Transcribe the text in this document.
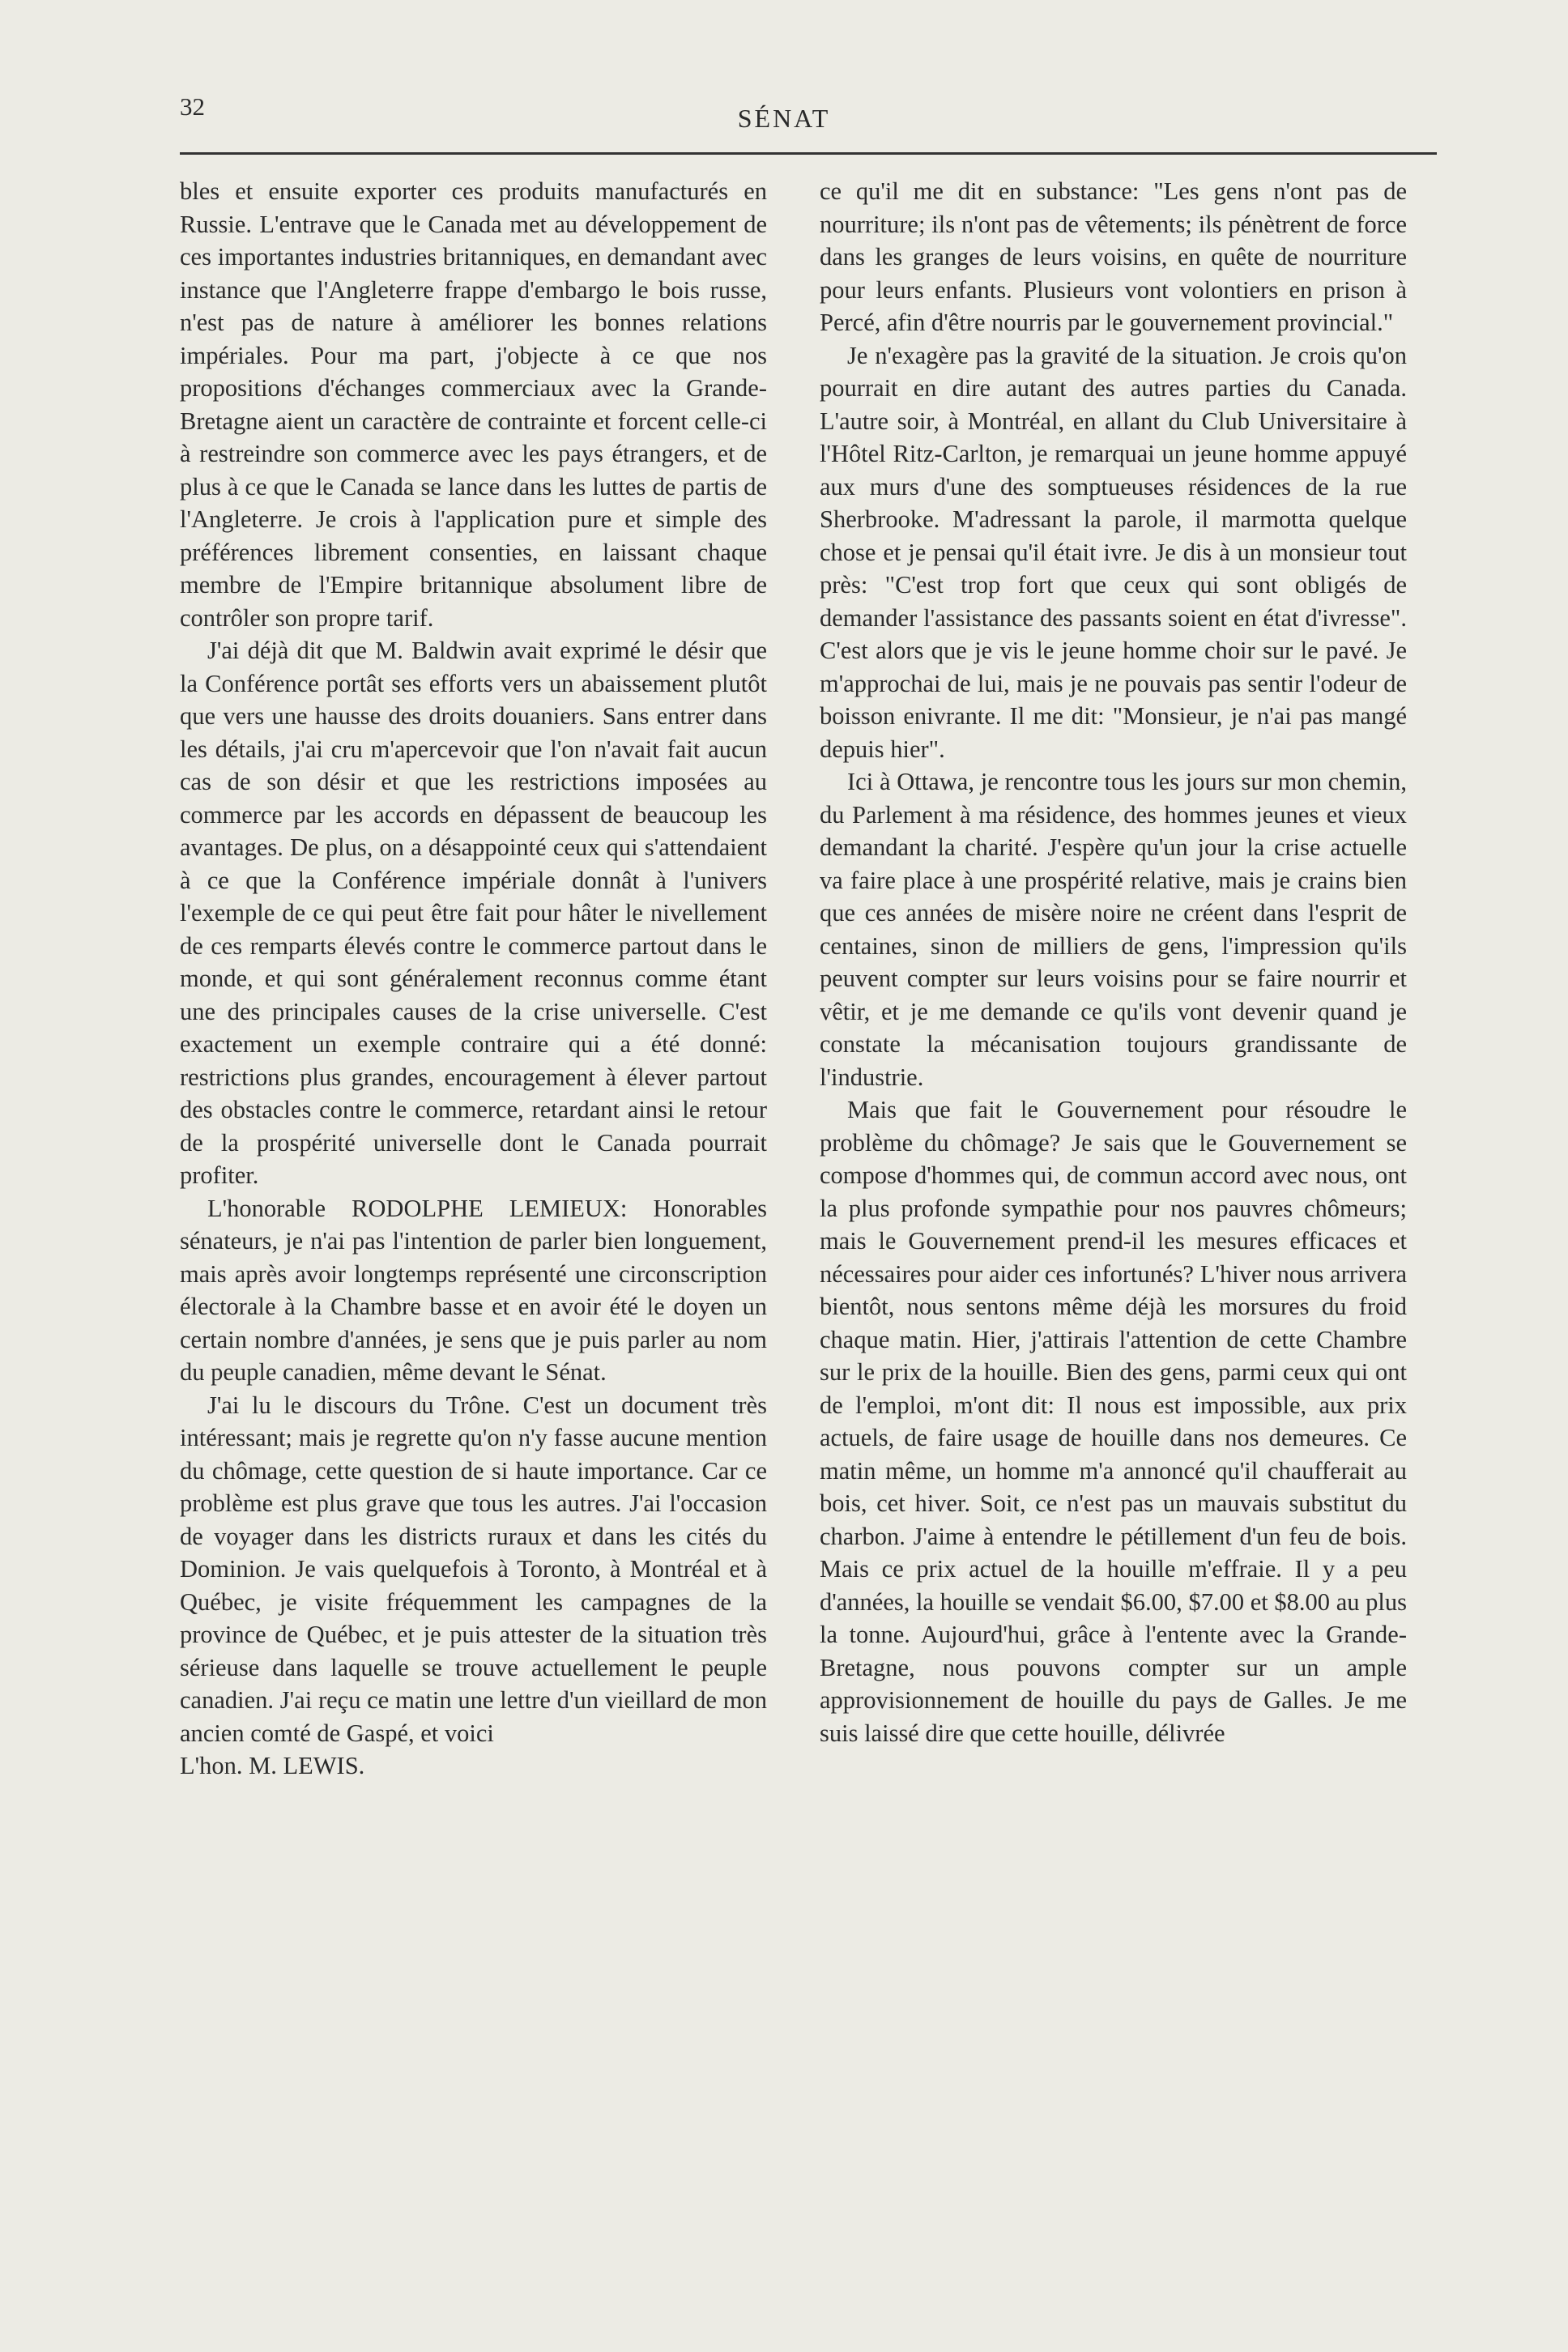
32	SÉNAT

bles et ensuite exporter ces produits manufacturés en Russie. L'entrave que le Canada met au développement de ces importantes industries britanniques, en demandant avec instance que l'Angleterre frappe d'embargo le bois russe, n'est pas de nature à améliorer les bonnes relations impériales. Pour ma part, j'objecte à ce que nos propositions d'échanges commerciaux avec la Grande-Bretagne aient un caractère de contrainte et forcent celle-ci à restreindre son commerce avec les pays étrangers, et de plus à ce que le Canada se lance dans les luttes de partis de l'Angleterre. Je crois à l'application pure et simple des préférences librement consenties, en laissant chaque membre de l'Empire britannique absolument libre de contrôler son propre tarif.

J'ai déjà dit que M. Baldwin avait exprimé le désir que la Conférence portât ses efforts vers un abaissement plutôt que vers une hausse des droits douaniers. Sans entrer dans les détails, j'ai cru m'apercevoir que l'on n'avait fait aucun cas de son désir et que les restrictions imposées au commerce par les accords en dépassent de beaucoup les avantages. De plus, on a désappointé ceux qui s'attendaient à ce que la Conférence impériale donnât à l'univers l'exemple de ce qui peut être fait pour hâter le nivellement de ces remparts élevés contre le commerce partout dans le monde, et qui sont généralement reconnus comme étant une des principales causes de la crise universelle. C'est exactement un exemple contraire qui a été donné: restrictions plus grandes, encouragement à élever partout des obstacles contre le commerce, retardant ainsi le retour de la prospérité universelle dont le Canada pourrait profiter.

L'honorable RODOLPHE LEMIEUX: Honorables sénateurs, je n'ai pas l'intention de parler bien longuement, mais après avoir longtemps représenté une circonscription électorale à la Chambre basse et en avoir été le doyen un certain nombre d'années, je sens que je puis parler au nom du peuple canadien, même devant le Sénat.

J'ai lu le discours du Trône. C'est un document très intéressant; mais je regrette qu'on n'y fasse aucune mention du chômage, cette question de si haute importance. Car ce problème est plus grave que tous les autres. J'ai l'occasion de voyager dans les districts ruraux et dans les cités du Dominion. Je vais quelquefois à Toronto, à Montréal et à Québec, je visite fréquemment les campagnes de la province de Québec, et je puis attester de la situation très sérieuse dans laquelle se trouve actuellement le peuple canadien. J'ai reçu ce matin une lettre d'un vieillard de mon ancien comté de Gaspé, et voici

L'hon. M. LEWIS.

ce qu'il me dit en substance: "Les gens n'ont pas de nourriture; ils n'ont pas de vêtements; ils pénètrent de force dans les granges de leurs voisins, en quête de nourriture pour leurs enfants. Plusieurs vont volontiers en prison à Percé, afin d'être nourris par le gouvernement provincial."

Je n'exagère pas la gravité de la situation. Je crois qu'on pourrait en dire autant des autres parties du Canada. L'autre soir, à Montréal, en allant du Club Universitaire à l'Hôtel Ritz-Carlton, je remarquai un jeune homme appuyé aux murs d'une des somptueuses résidences de la rue Sherbrooke. M'adressant la parole, il marmotta quelque chose et je pensai qu'il était ivre. Je dis à un monsieur tout près: "C'est trop fort que ceux qui sont obligés de demander l'assistance des passants soient en état d'ivresse". C'est alors que je vis le jeune homme choir sur le pavé. Je m'approchai de lui, mais je ne pouvais pas sentir l'odeur de boisson enivrante. Il me dit: "Monsieur, je n'ai pas mangé depuis hier".

Ici à Ottawa, je rencontre tous les jours sur mon chemin, du Parlement à ma résidence, des hommes jeunes et vieux demandant la charité. J'espère qu'un jour la crise actuelle va faire place à une prospérité relative, mais je crains bien que ces années de misère noire ne créent dans l'esprit de centaines, sinon de milliers de gens, l'impression qu'ils peuvent compter sur leurs voisins pour se faire nourrir et vêtir, et je me demande ce qu'ils vont devenir quand je constate la mécanisation toujours grandissante de l'industrie.

Mais que fait le Gouvernement pour résoudre le problème du chômage? Je sais que le Gouvernement se compose d'hommes qui, de commun accord avec nous, ont la plus profonde sympathie pour nos pauvres chômeurs; mais le Gouvernement prend-il les mesures efficaces et nécessaires pour aider ces infortunés? L'hiver nous arrivera bientôt, nous sentons même déjà les morsures du froid chaque matin. Hier, j'attirais l'attention de cette Chambre sur le prix de la houille. Bien des gens, parmi ceux qui ont de l'emploi, m'ont dit: Il nous est impossible, aux prix actuels, de faire usage de houille dans nos demeures. Ce matin même, un homme m'a annoncé qu'il chaufferait au bois, cet hiver. Soit, ce n'est pas un mauvais substitut du charbon. J'aime à entendre le pétillement d'un feu de bois. Mais ce prix actuel de la houille m'effraie. Il y a peu d'années, la houille se vendait $6.00, $7.00 et $8.00 au plus la tonne. Aujourd'hui, grâce à l'entente avec la Grande-Bretagne, nous pouvons compter sur un ample approvisionnement de houille du pays de Galles. Je me suis laissé dire que cette houille, délivrée
